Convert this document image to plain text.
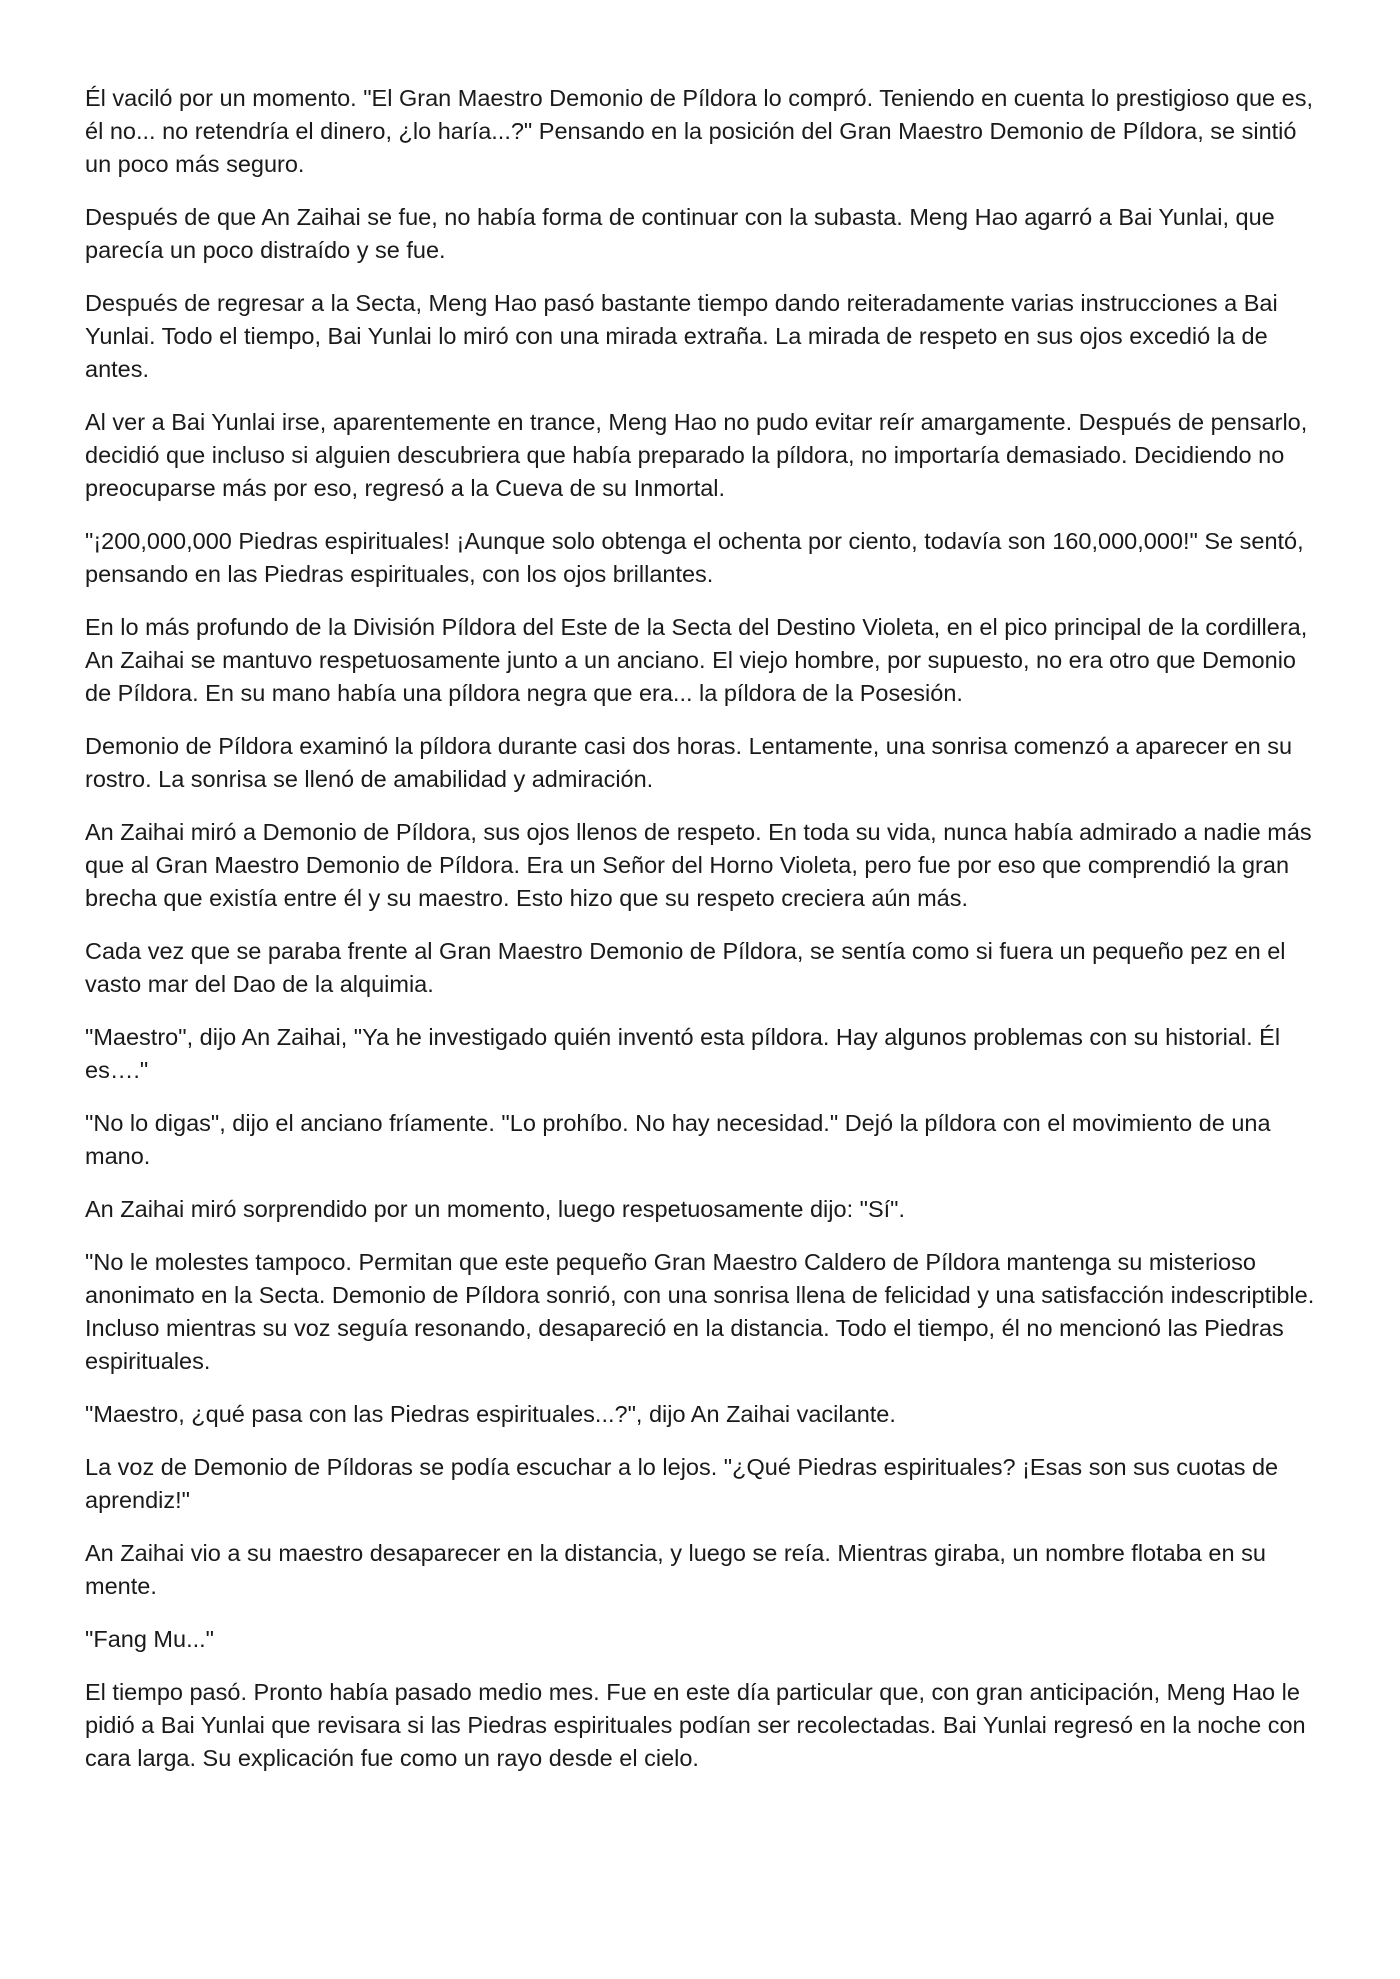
Él vaciló por un momento. "El Gran Maestro Demonio de Píldora lo compró. Teniendo en cuenta lo prestigioso que es, él no... no retendría el dinero, ¿lo haría...?" Pensando en la posición del Gran Maestro Demonio de Píldora, se sintió un poco más seguro.

Después de que An Zaihai se fue, no había forma de continuar con la subasta. Meng Hao agarró a Bai Yunlai, que parecía un poco distraído y se fue.

Después de regresar a la Secta, Meng Hao pasó bastante tiempo dando reiteradamente varias instrucciones a Bai Yunlai. Todo el tiempo, Bai Yunlai lo miró con una mirada extraña. La mirada de respeto en sus ojos excedió la de antes.

Al ver a Bai Yunlai irse, aparentemente en trance, Meng Hao no pudo evitar reír amargamente. Después de pensarlo, decidió que incluso si alguien descubriera que había preparado la píldora, no importaría demasiado. Decidiendo no preocuparse más por eso, regresó a la Cueva de su Inmortal.

"¡200,000,000 Piedras espirituales! ¡Aunque solo obtenga el ochenta por ciento, todavía son 160,000,000!" Se sentó, pensando en las Piedras espirituales, con los ojos brillantes.

En lo más profundo de la División Píldora del Este de la Secta del Destino Violeta, en el pico principal de la cordillera, An Zaihai se mantuvo respetuosamente junto a un anciano. El viejo hombre, por supuesto, no era otro que Demonio de Píldora. En su mano había una píldora negra que era... la píldora de la Posesión.

Demonio de Píldora examinó la píldora durante casi dos horas. Lentamente, una sonrisa comenzó a aparecer en su rostro. La sonrisa se llenó de amabilidad y admiración.

An Zaihai miró a Demonio de Píldora, sus ojos llenos de respeto. En toda su vida, nunca había admirado a nadie más que al Gran Maestro Demonio de Píldora. Era un Señor del Horno Violeta, pero fue por eso que comprendió la gran brecha que existía entre él y su maestro. Esto hizo que su respeto creciera aún más.

Cada vez que se paraba frente al Gran Maestro Demonio de Píldora, se sentía como si fuera un pequeño pez en el vasto mar del Dao de la alquimia.

"Maestro", dijo An Zaihai, "Ya he investigado quién inventó esta píldora. Hay algunos problemas con su historial. Él es…."

"No lo digas", dijo el anciano fríamente. "Lo prohíbo. No hay necesidad." Dejó la píldora con el movimiento de una mano.

An Zaihai miró sorprendido por un momento, luego respetuosamente dijo: "Sí".

"No le molestes tampoco. Permitan que este pequeño Gran Maestro Caldero de Píldora mantenga su misterioso anonimato en la Secta. Demonio de Píldora sonrió, con una sonrisa llena de felicidad y una satisfacción indescriptible. Incluso mientras su voz seguía resonando, desapareció en la distancia. Todo el tiempo, él no mencionó las Piedras espirituales.

"Maestro, ¿qué pasa con las Piedras espirituales...?", dijo An Zaihai vacilante.

La voz de Demonio de Píldoras se podía escuchar a lo lejos. "¿Qué Piedras espirituales? ¡Esas son sus cuotas de aprendiz!"

An Zaihai vio a su maestro desaparecer en la distancia, y luego se reía. Mientras giraba, un nombre flotaba en su mente.

"Fang Mu..."

El tiempo pasó. Pronto había pasado medio mes. Fue en este día particular que, con gran anticipación, Meng Hao le pidió a Bai Yunlai que revisara si las Piedras espirituales podían ser recolectadas. Bai Yunlai regresó en la noche con cara larga. Su explicación fue como un rayo desde el cielo.
